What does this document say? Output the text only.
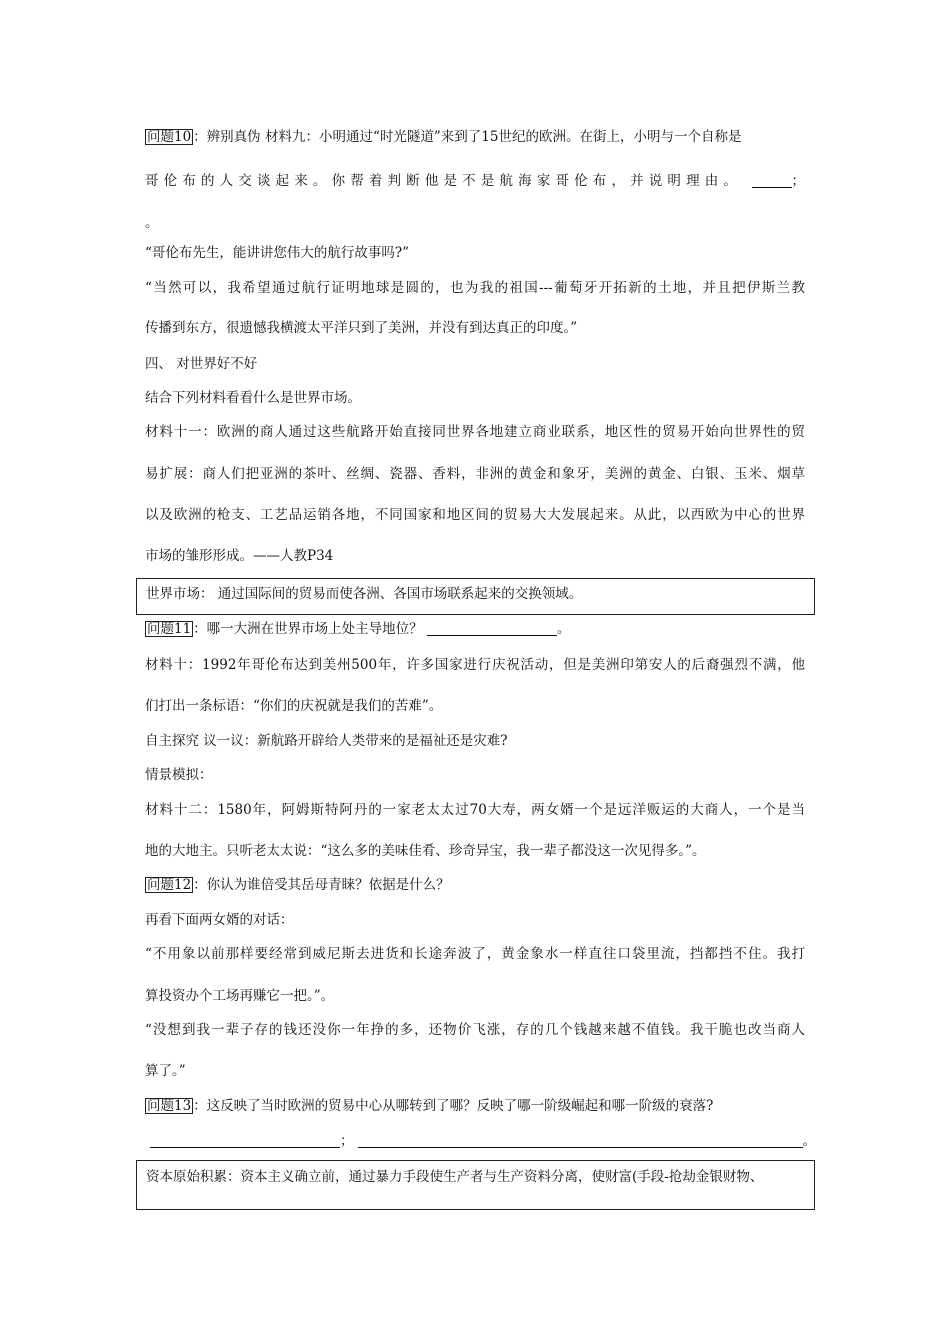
问题10 ：辨别真伪 材料九：小明通过“时光隧道”来到了15世纪的欧洲。在街上，小明与一个自称是
哥伦布的人交谈起来。你帮着判断他是不是航海家哥伦布，并说明理由。	；
。
“哥伦布先生，能讲讲您伟大的航行故事吗?”
“当然可以，我希望通过航行证明地球是圆的，也为我的祖国---葡萄牙开拓新的土地，并且把伊斯兰教
传播到东方，很遗憾我横渡太平洋只到了美洲，并没有到达真正的印度。”
四、 对世界好不好
结合下列材料看看什么是世界市场。
材料十一：欧洲的商人通过这些航路开始直接同世界各地建立商业联系，地区性的贸易开始向世界性的贸
易扩展：商人们把亚洲的茶叶、丝绸、瓷器、香料，非洲的黄金和象牙，美洲的黄金、白银、玉米、烟草
以及欧洲的枪支、工艺品运销各地，不同国家和地区间的贸易大大发展起来。从此，以西欧为中心的世界
市场的雏形形成。——人教P34
世界市场： 通过国际间的贸易而使各洲、各国市场联系起来的交换领域。
问题11 ：哪一大洲在世界市场上处主导地位？	。
材料十：1992年哥伦布达到美州500年，许多国家进行庆祝活动，但是美洲印第安人的后裔强烈不满，他
们打出一条标语：“你们的庆祝就是我们的苦难”。
自主探究 议一议：新航路开辟给人类带来的是福祉还是灾难?
情景模拟：
材料十二：1580年，阿姆斯特阿丹的一家老太太过70大寿，两女婿一个是远洋贩运的大商人，一个是当
地的大地主。只听老太太说：“这么多的美味佳肴、珍奇异宝，我一辈子都没这一次见得多。”。
问题12 ：你认为谁倍受其岳母青睐？依据是什么？
再看下面两女婿的对话：
“不用象以前那样要经常到威尼斯去进货和长途奔波了，黄金象水一样直往口袋里流，挡都挡不住。我打
算投资办个工场再赚它一把。”。
“没想到我一辈子存的钱还没你一年挣的多，还物价飞涨，存的几个钱越来越不值钱。我干脆也改当商人
算了。”
问题13 ：这反映了当时欧洲的贸易中心从哪转到了哪？反映了哪一阶级崛起和哪一阶级的衰落?
；	。
资本原始积累：资本主义确立前，通过暴力手段使生产者与生产资料分离，使财富(手段-抢劫金银财物、
